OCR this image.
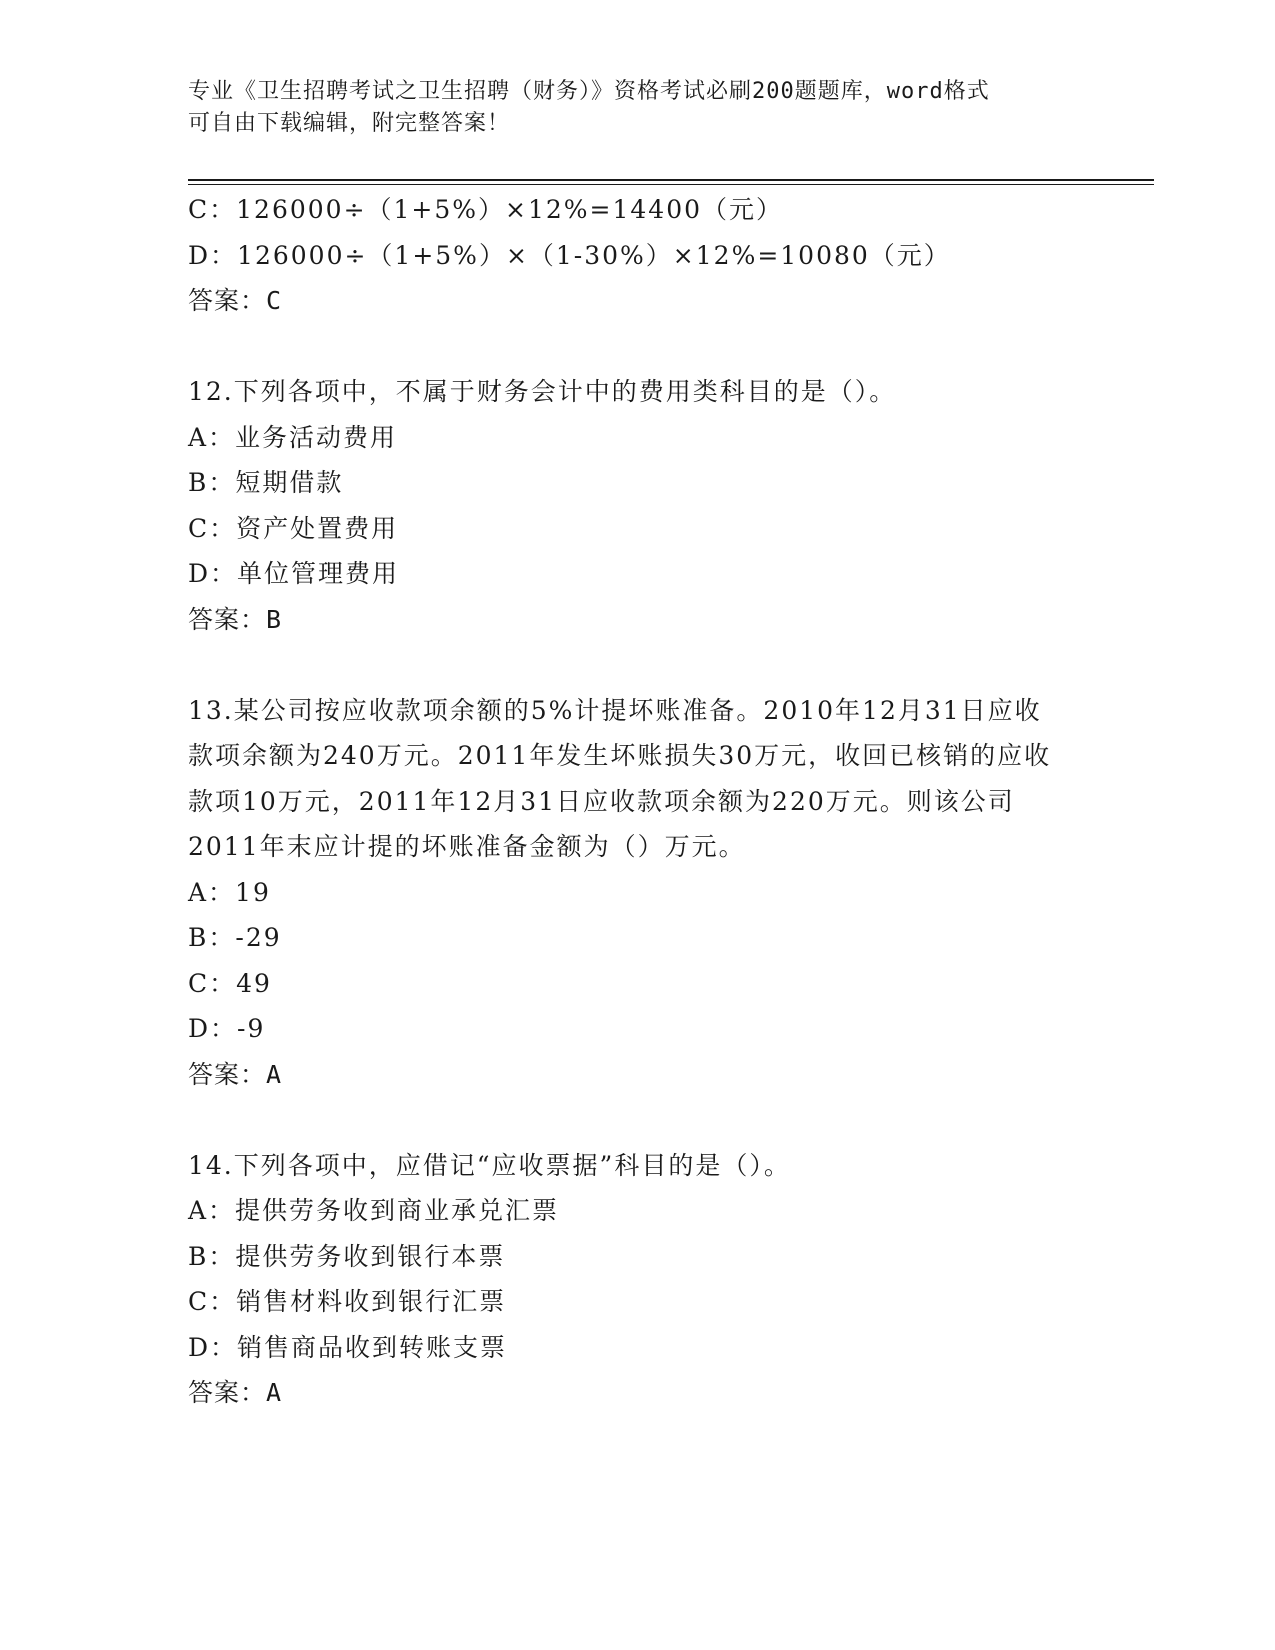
专业《卫生招聘考试之卫生招聘（财务）》资格考试必刷200题题库，word格式
可自由下载编辑，附完整答案！
C：126000÷（1+5%）×12%=14400（元）
D：126000÷（1+5%）×（1-30%）×12%=10080（元）
答案：C
12.下列各项中，不属于财务会计中的费用类科目的是（）。
A：业务活动费用
B：短期借款
C：资产处置费用
D：单位管理费用
答案：B
13.某公司按应收款项余额的5%计提坏账准备。2010年12月31日应收款项余额为240万元。2011年发生坏账损失30万元，收回已核销的应收款项10万元，2011年12月31日应收款项余额为220万元。则该公司2011年末应计提的坏账准备金额为（）万元。
A：19
B：-29
C：49
D：-9
答案：A
14.下列各项中，应借记“应收票据”科目的是（）。
A：提供劳务收到商业承兑汇票
B：提供劳务收到银行本票
C：销售材料收到银行汇票
D：销售商品收到转账支票
答案：A
